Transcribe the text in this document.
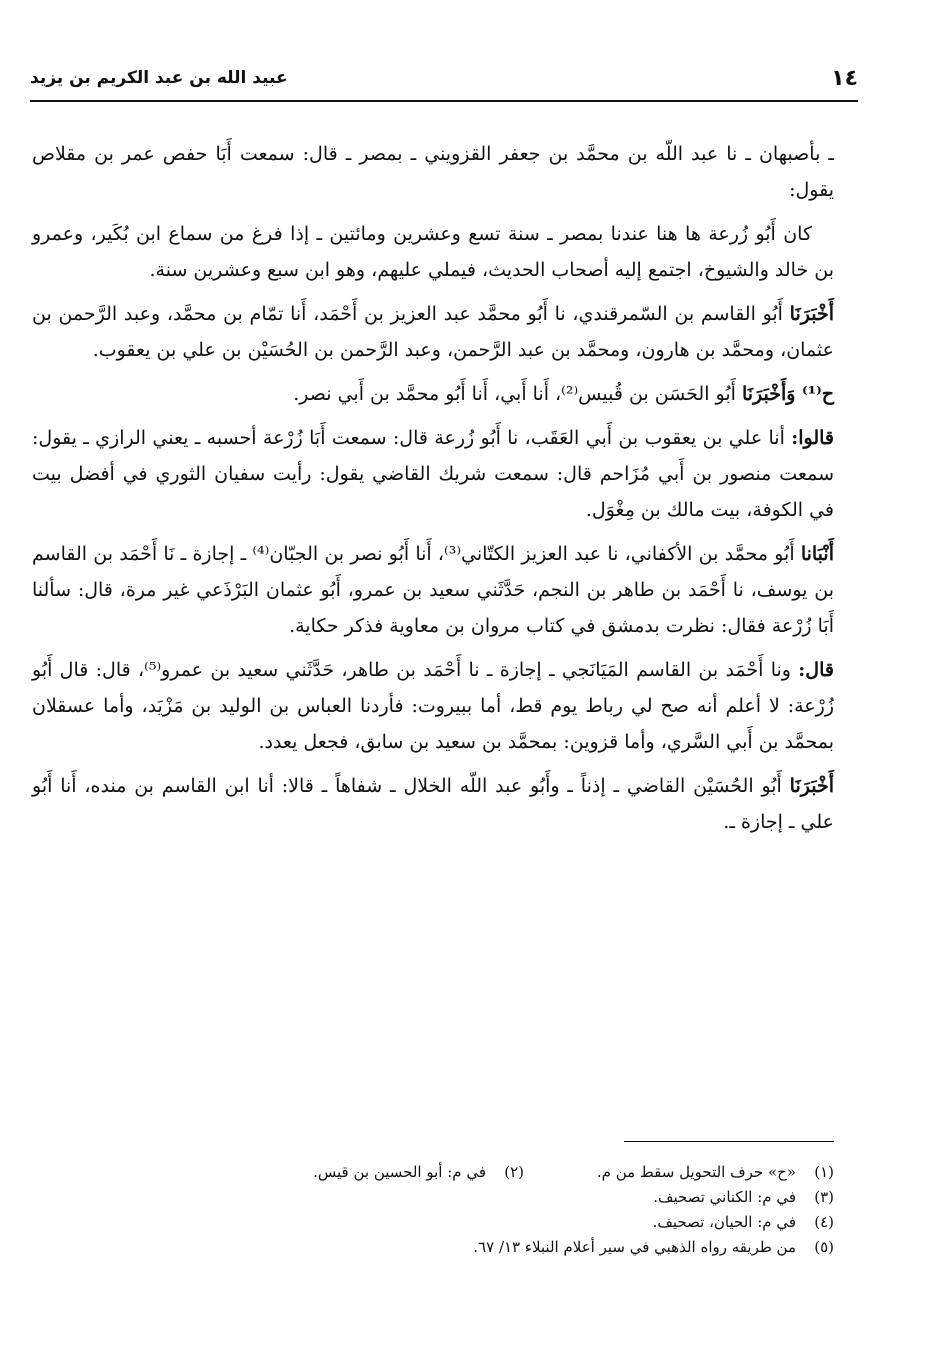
١٤
عبيد الله بن عبد الكريم بن يزيد

ـ بأصبهان ـ نا عبد اللّه بن محمَّد بن جعفر القزويني ـ بمصر ـ قال: سمعت أَبَا حفص عمر بن مقلاص يقول:

كان أَبُو زُرعة ها هنا عندنا بمصر ـ سنة تسع وعشرين ومائتين ـ إذا فرغ من سماع ابن بُكَير، وعمرو بن خالد والشيوخ، اجتمع إليه أصحاب الحديث، فيملي عليهم، وهو ابن سبع وعشرين سنة.

أَخْبَرَنَا أَبُو القاسم بن السّمرقندي، نا أَبُو محمَّد عبد العزيز بن أَحْمَد، أَنا تمّام بن محمَّد، وعبد الرَّحمن بن عثمان، ومحمَّد بن هارون، ومحمَّد بن عبد الرَّحمن، وعبد الرَّحمن بن الحُسَيْن بن علي بن يعقوب.

ح⁽¹⁾ وَأَخْبَرَنَا أَبُو الحَسَن بن قُبيس⁽²⁾، أَنا أَبي، أَنا أَبُو محمَّد بن أَبي نصر.

قالوا: أنا علي بن يعقوب بن أَبي العَقَب، نا أَبُو زُرعة قال: سمعت أَبَا زُرْعة أحسبه ـ يعني الرازي ـ يقول: سمعت منصور بن أَبي مُزَاحم قال: سمعت شريك القاضي يقول: رأيت سفيان الثوري في أفضل بيت في الكوفة، بيت مالك بن مِغْوَل.

أَنْبَانا أَبُو محمَّد بن الأكفاني، نا عبد العزيز الكتّاني⁽³⁾، أَنا أَبُو نصر بن الجبّان⁽⁴⁾ ـ إجازة ـ نَا أَحْمَد بن القاسم بن يوسف، نا أَحْمَد بن طاهر بن النجم، حَدَّثَني سعيد بن عمرو، أَبُو عثمان البَرْذَعي غير مرة، قال: سألنا أَبَا زُرْعة فقال: نظرت بدمشق في كتاب مروان بن معاوية فذكر حكاية.

قال: ونا أَحْمَد بن القاسم المَيَانَجي ـ إجازة ـ نا أَحْمَد بن طاهر، حَدَّثَني سعيد بن عمرو⁽⁵⁾، قال: قال أَبُو زُرْعة: لا أعلم أنه صح لي رباط يوم قط، أما ببيروت: فأردنا العباس بن الوليد بن مَزْيَد، وأما عسقلان بمحمَّد بن أَبي السَّري، وأما قزوين: بمحمَّد بن سعيد بن سابق، فجعل يعدد.

أَخْبَرَنَا أَبُو الحُسَيْن القاضي ـ إذناً ـ وأَبُو عبد اللّه الخلال ـ شفاهاً ـ قالا: أنا ابن القاسم بن منده، أَنا أَبُو علي ـ إجازة ـ.

(١)«ح» حرف التحويل سقط من م.
(٢)في م: أبو الحسين بن قيس.
(٣)في م: الكناني تصحيف.
(٤)في م: الحيان، تصحيف.
(٥)من طريقه رواه الذهبي في سير أعلام النبلاء ١٣/ ٦٧.
